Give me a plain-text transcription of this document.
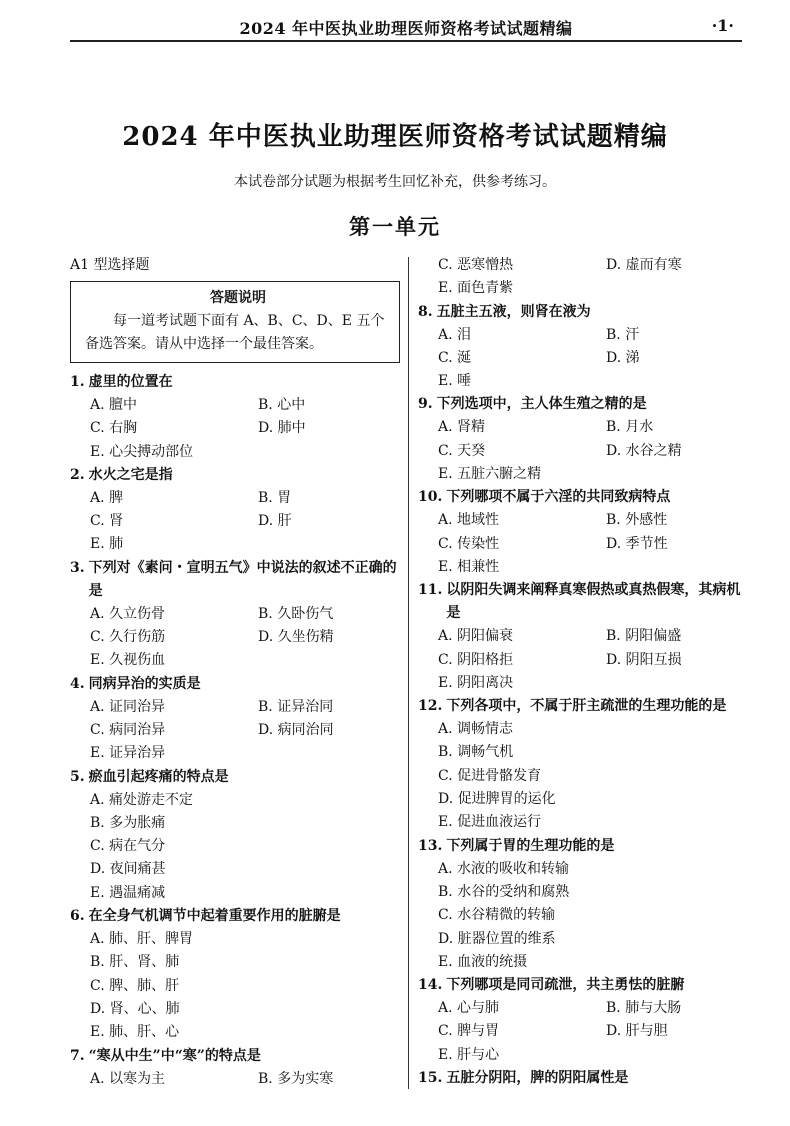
2024 年中医执业助理医师资格考试试题精编	·1·
2024 年中医执业助理医师资格考试试题精编
本试卷部分试题为根据考生回忆补充，供参考练习。
第一单元
A1 型选择题
答题说明
每一道考试题下面有 A、B、C、D、E 五个备选答案。请从中选择一个最佳答案。
1. 虚里的位置在
A. 膻中	B. 心中
C. 右胸	D. 肺中
E. 心尖搏动部位
2. 水火之宅是指
A. 脾	B. 胃
C. 肾	D. 肝
E. 肺
3. 下列对《素问・宣明五气》中说法的叙述不正确的是
A. 久立伤骨	B. 久卧伤气
C. 久行伤筋	D. 久坐伤精
E. 久视伤血
4. 同病异治的实质是
A. 证同治异	B. 证异治同
C. 病同治异	D. 病同治同
E. 证异治异
5. 瘀血引起疼痛的特点是
A. 痛处游走不定
B. 多为胀痛
C. 病在气分
D. 夜间痛甚
E. 遇温痛减
6. 在全身气机调节中起着重要作用的脏腑是
A. 肺、肝、脾胃
B. 肝、肾、肺
C. 脾、肺、肝
D. 肾、心、肺
E. 肺、肝、心
7. “寒从中生”中“寒”的特点是
A. 以寒为主	B. 多为实寒
C. 恶寒憎热	D. 虚而有寒
E. 面色青紫
8. 五脏主五液，则肾在液为
A. 泪	B. 汗
C. 涎	D. 涕
E. 唾
9. 下列选项中，主人体生殖之精的是
A. 肾精	B. 月水
C. 天癸	D. 水谷之精
E. 五脏六腑之精
10. 下列哪项不属于六淫的共同致病特点
A. 地域性	B. 外感性
C. 传染性	D. 季节性
E. 相兼性
11. 以阴阳失调来阐释真寒假热或真热假寒，其病机是
A. 阴阳偏衰	B. 阴阳偏盛
C. 阴阳格拒	D. 阴阳互损
E. 阴阳离决
12. 下列各项中，不属于肝主疏泄的生理功能的是
A. 调畅情志
B. 调畅气机
C. 促进骨骼发育
D. 促进脾胃的运化
E. 促进血液运行
13. 下列属于胃的生理功能的是
A. 水液的吸收和转输
B. 水谷的受纳和腐熟
C. 水谷精微的转输
D. 脏器位置的维系
E. 血液的统摄
14. 下列哪项是同司疏泄，共主勇怯的脏腑
A. 心与肺	B. 肺与大肠
C. 脾与胃	D. 肝与胆
E. 肝与心
15. 五脏分阴阳，脾的阴阳属性是
